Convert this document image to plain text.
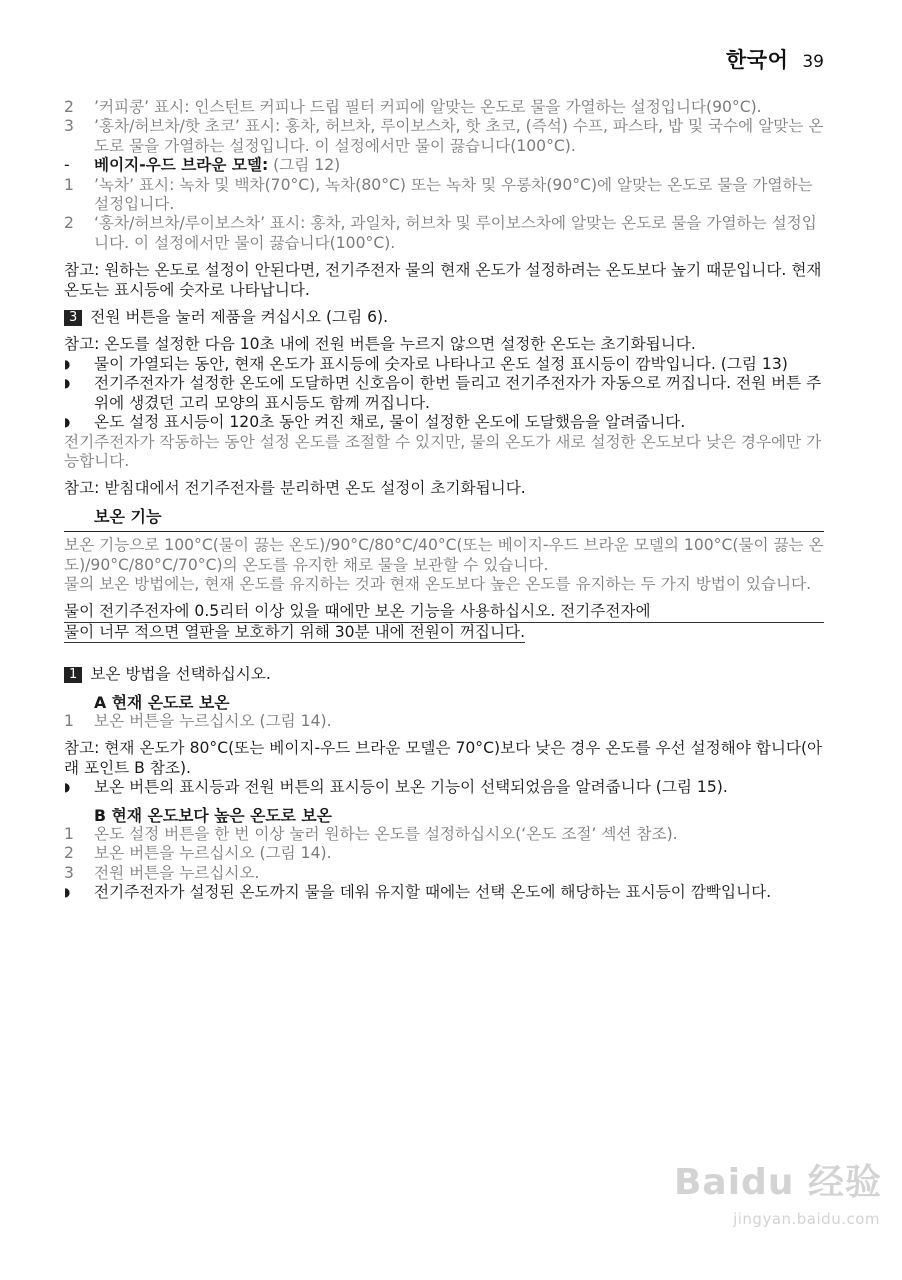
한국어 39
2	’커피콩’ 표시: 인스턴트 커피나 드립 필터 커피에 알맞는 온도로 물을 가열하는 설정입니다(90°C).
3	’홍차/허브차/핫 초코’ 표시: 홍차, 허브차, 루이보스차, 핫 초코, (즉석) 수프, 파스타, 밥 및 국수에 알맞는 온도로 물을 가열하는 설정입니다. 이 설정에서만 물이 끓습니다(100°C).
-	베이지-우드 브라운 모델: (그림 12)
1	’녹차’ 표시: 녹차 및 백차(70°C), 녹차(80°C) 또는 녹차 및 우롱차(90°C)에 알맞는 온도로 물을 가열하는 설정입니다.
2	‘홍차/허브차/루이보스차’ 표시: 홍차, 과일차, 허브차 및 루이보스차에 알맞는 온도로 물을 가열하는 설정입니다. 이 설정에서만 물이 끓습니다(100°C).
참고: 원하는 온도로 설정이 안된다면, 전기주전자 물의 현재 온도가 설정하려는 온도보다 높기 때문입니다. 현재 온도는 표시등에 숫자로 나타납니다.
3 전원 버튼을 눌러 제품을 켜십시오 (그림 6).
참고: 온도를 설정한 다음 10초 내에 전원 버튼을 누르지 않으면 설정한 온도는 초기화됩니다.
◗	물이 가열되는 동안, 현재 온도가 표시등에 숫자로 나타나고 온도 설정 표시등이 깜박입니다. (그림 13)
◗	전기주전자가 설정한 온도에 도달하면 신호음이 한번 들리고 전기주전자가 자동으로 꺼집니다. 전원 버튼 주위에 생겼던 고리 모양의 표시등도 함께 꺼집니다.
◗	온도 설정 표시등이 120초 동안 켜진 채로, 물이 설정한 온도에 도달했음을 알려줍니다.
전기주전자가 작동하는 동안 설정 온도를 조절할 수 있지만, 물의 온도가 새로 설정한 온도보다 낮은 경우에만 가능합니다.
참고: 받침대에서 전기주전자를 분리하면 온도 설정이 초기화됩니다.
보온 기능
보온 기능으로 100°C(물이 끓는 온도)/90°C/80°C/40°C(또는 베이지-우드 브라운 모델의 100°C(물이 끓는 온도)/90°C/80°C/70°C)의 온도를 유지한 채로 물을 보관할 수 있습니다.
물의 보온 방법에는, 현재 온도를 유지하는 것과 현재 온도보다 높은 온도를 유지하는 두 가지 방법이 있습니다.
물이 전기주전자에 0.5리터 이상 있을 때에만 보온 기능을 사용하십시오. 전기주전자에
물이 너무 적으면 열판을 보호하기 위해 30분 내에 전원이 꺼집니다.
1 보온 방법을 선택하십시오.
A 현재 온도로 보온
1	보온 버튼을 누르십시오 (그림 14).
참고: 현재 온도가 80°C(또는 베이지-우드 브라운 모델은 70°C)보다 낮은 경우 온도를 우선 설정해야 합니다(아래 포인트 B 참조).
◗	보온 버튼의 표시등과 전원 버튼의 표시등이 보온 기능이 선택되었음을 알려줍니다 (그림 15).
B 현재 온도보다 높은 온도로 보온
1	온도 설정 버튼을 한 번 이상 눌러 원하는 온도를 설정하십시오(‘온도 조절’ 섹션 참조).
2	보온 버튼을 누르십시오 (그림 14).
3	전원 버튼을 누르십시오.
◗	전기주전자가 설정된 온도까지 물을 데워 유지할 때에는 선택 온도에 해당하는 표시등이 깜빡입니다.
Baidu 经验
jingyan.baidu.com
